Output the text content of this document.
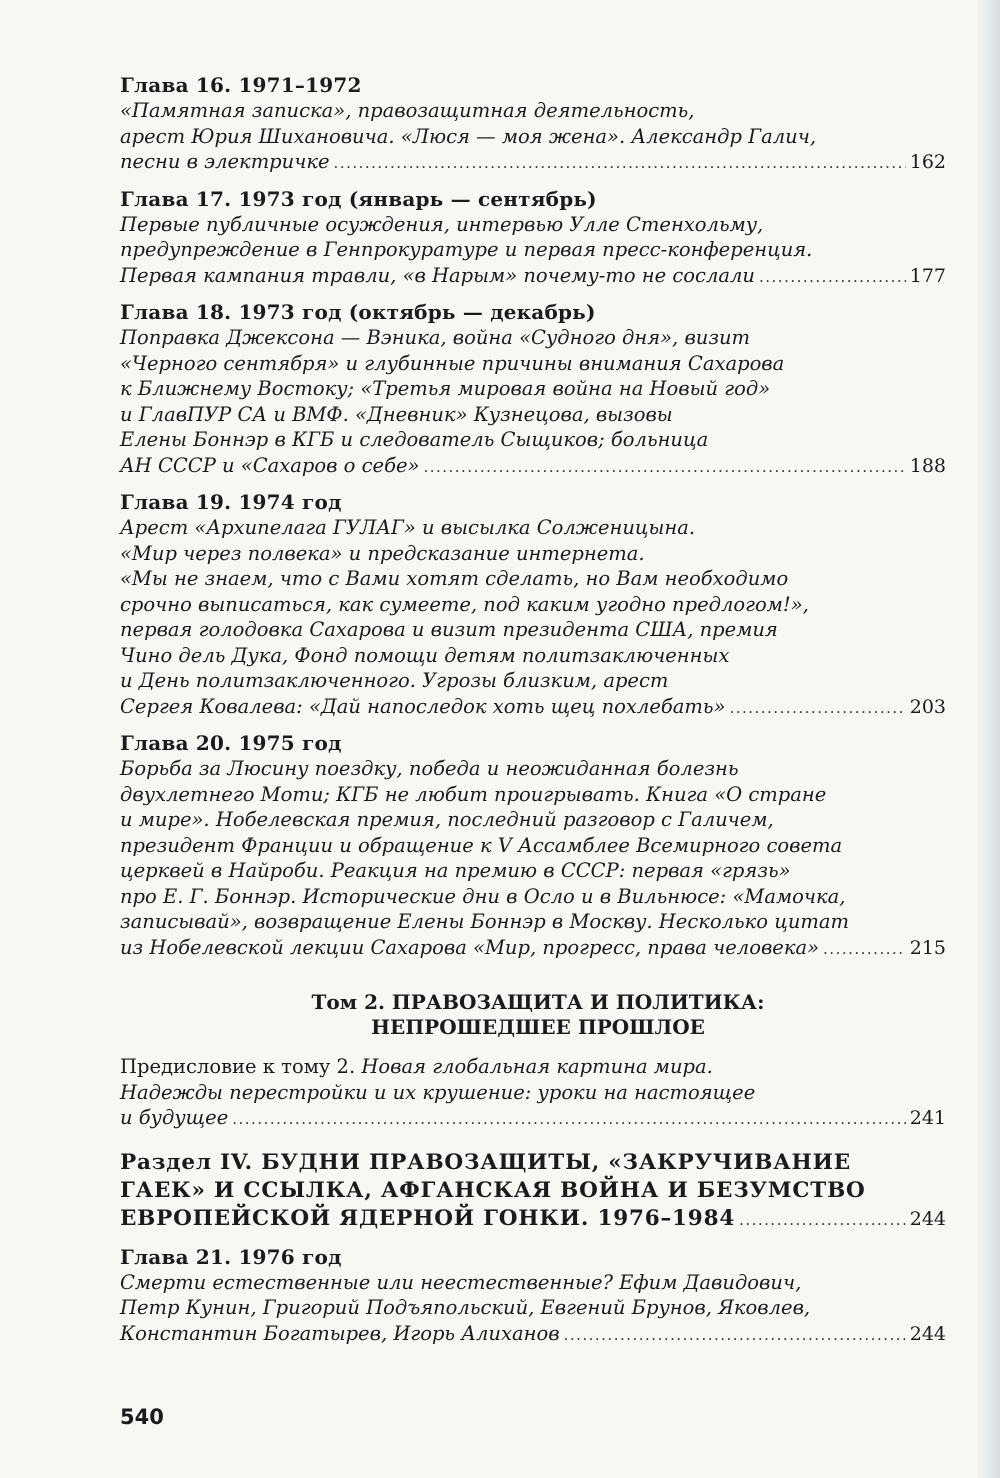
Глава 16. 1971–1972
«Памятная записка», правозащитная деятельность,
арест Юрия Шихановича. «Люся — моя жена». Александр Галич,
песни в электричке .....	162
Глава 17. 1973 год (январь — сентябрь)
Первые публичные осуждения, интервью Улле Стенхольму,
предупреждение в Генпрокуратуре и первая пресс-конференция.
Первая кампания травли, «в Нарым» почему-то не сослали .....	177
Глава 18. 1973 год (октябрь — декабрь)
Поправка Джексона — Вэника, война «Судного дня», визит
«Черного сентября» и глубинные причины внимания Сахарова
к Ближнему Востоку; «Третья мировая война на Новый год»
и ГлавПУР СА и ВМФ. «Дневник» Кузнецова, вызовы
Елены Боннэр в КГБ и следователь Сыщиков; больница
АН СССР и «Сахаров о себе» .....	188
Глава 19. 1974 год
Арест «Архипелага ГУЛАГ» и высылка Солженицына.
«Мир через полвека» и предсказание интернета.
«Мы не знаем, что с Вами хотят сделать, но Вам необходимо
срочно выписаться, как сумеете, под каким угодно предлогом!»,
первая голодовка Сахарова и визит президента США, премия
Чино дель Дука, Фонд помощи детям политзаключенных
и День политзаключенного. Угрозы близким, арест
Сергея Ковалева: «Дай напоследок хоть щец похлебать» .....	203
Глава 20. 1975 год
Борьба за Люсину поездку, победа и неожиданная болезнь
двухлетнего Моти; КГБ не любит проигрывать. Книга «О стране
и мире». Нобелевская премия, последний разговор с Галичем,
президент Франции и обращение к V Ассамблее Всемирного совета
церквей в Найроби. Реакция на премию в СССР: первая «грязь»
про Е. Г. Боннэр. Исторические дни в Осло и в Вильнюсе: «Мамочка,
записывай», возвращение Елены Боннэр в Москву. Несколько цитат
из Нобелевской лекции Сахарова «Мир, прогресс, права человека» .....	215
Том 2. ПРАВОЗАЩИТА И ПОЛИТИКА:
НЕПРОШЕДШЕЕ ПРОШЛОЕ
Предисловие к тому 2. Новая глобальная картина мира.
Надежды перестройки и их крушение: уроки на настоящее
и будущее .....	241
Раздел IV. БУДНИ ПРАВОЗАЩИТЫ, «ЗАКРУЧИВАНИЕ
ГАЕК» И ССЫЛКА, АФГАНСКАЯ ВОЙНА И БЕЗУМСТВО
ЕВРОПЕЙСКОЙ ЯДЕРНОЙ ГОНКИ. 1976–1984 .....	244
Глава 21. 1976 год
Смерти естественные или неестественные? Ефим Давидович,
Петр Кунин, Григорий Подъяпольский, Евгений Брунов, Яковлев,
Константин Богатырев, Игорь Алиханов .....	244
540
